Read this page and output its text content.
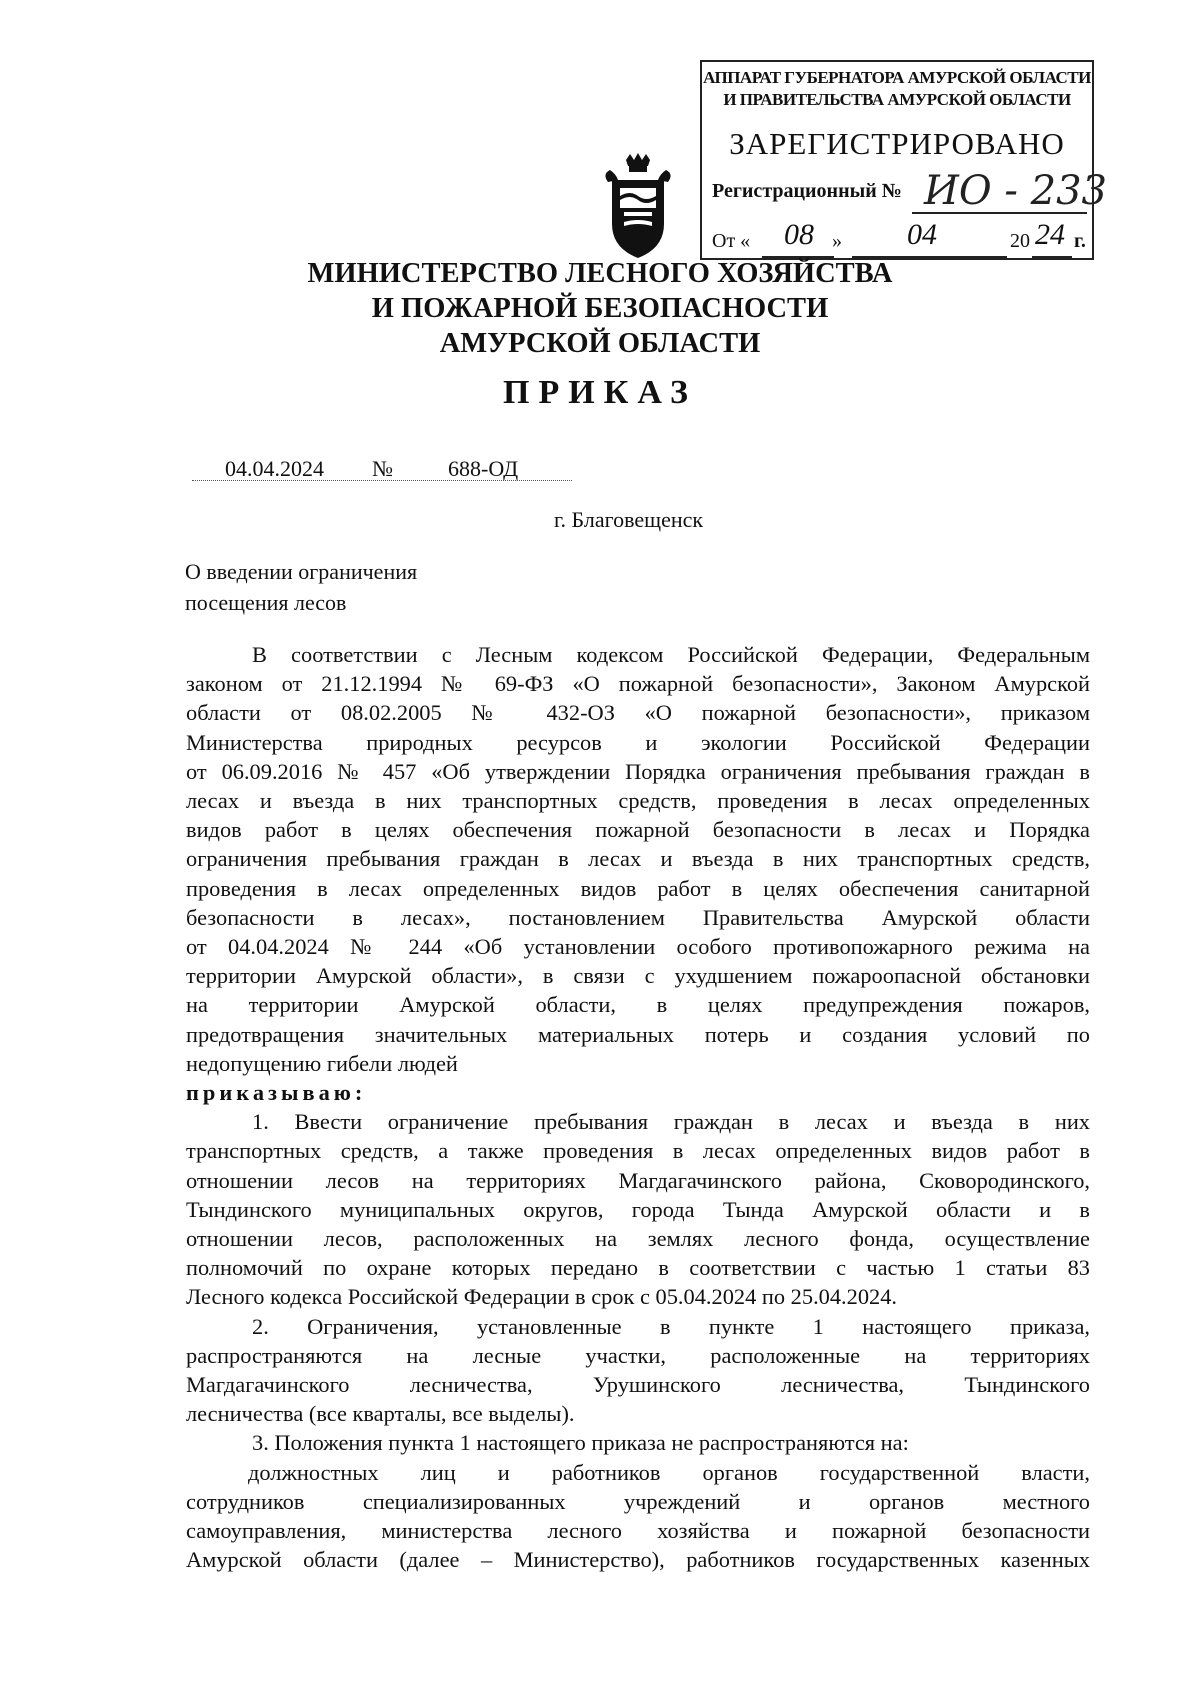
АППАРАТ ГУБЕРНАТОРА АМУРСКОЙ ОБЛАСТИ
И ПРАВИТЕЛЬСТВА АМУРСКОЙ ОБЛАСТИ
ЗАРЕГИСТРИРОВАНО
Регистрационный № ИО - 233
От «	08 »	04	20 24 г.
МИНИСТЕРСТВО ЛЕСНОГО ХОЗЯЙСТВА
И ПОЖАРНОЙ БЕЗОПАСНОСТИ
АМУРСКОЙ ОБЛАСТИ
ПРИКАЗ
04.04.2024 №	688-ОД
г. Благовещенск
О введении ограничения
посещения лесов
В соответствии с Лесным кодексом Российской Федерации, Федеральным
законом от 21.12.1994 № 69-ФЗ «О пожарной безопасности», Законом Амурской
области от 08.02.2005 № 432-ОЗ «О пожарной безопасности», приказом
Министерства природных ресурсов и экологии Российской Федерации
от 06.09.2016 № 457 «Об утверждении Порядка ограничения пребывания граждан в
лесах и въезда в них транспортных средств, проведения в лесах определенных
видов работ в целях обеспечения пожарной безопасности в лесах и Порядка
ограничения пребывания граждан в лесах и въезда в них транспортных средств,
проведения в лесах определенных видов работ в целях обеспечения санитарной
безопасности в лесах», постановлением Правительства Амурской области
от 04.04.2024 № 244 «Об установлении особого противопожарного режима на
территории Амурской области», в связи с ухудшением пожароопасной обстановки
на территории Амурской области, в целях предупреждения пожаров,
предотвращения значительных материальных потерь и создания условий по
недопущению гибели людей
приказываю:
1. Ввести ограничение пребывания граждан в лесах и въезда в них
транспортных средств, а также проведения в лесах определенных видов работ в
отношении лесов на территориях Магдагачинского района, Сковородинского,
Тындинского муниципальных округов, города Тында Амурской области и в
отношении лесов, расположенных на землях лесного фонда, осуществление
полномочий по охране которых передано в соответствии с частью 1 статьи 83
Лесного кодекса Российской Федерации в срок с 05.04.2024 по 25.04.2024.
2. Ограничения, установленные в пункте 1 настоящего приказа,
распространяются на лесные участки, расположенные на территориях
Магдагачинского лесничества, Урушинского лесничества, Тындинского
лесничества (все кварталы, все выделы).
3. Положения пункта 1 настоящего приказа не распространяются на:
должностных лиц и работников органов государственной власти,
сотрудников специализированных учреждений и органов местного
самоуправления, министерства лесного хозяйства и пожарной безопасности
Амурской области (далее – Министерство), работников государственных казенных
